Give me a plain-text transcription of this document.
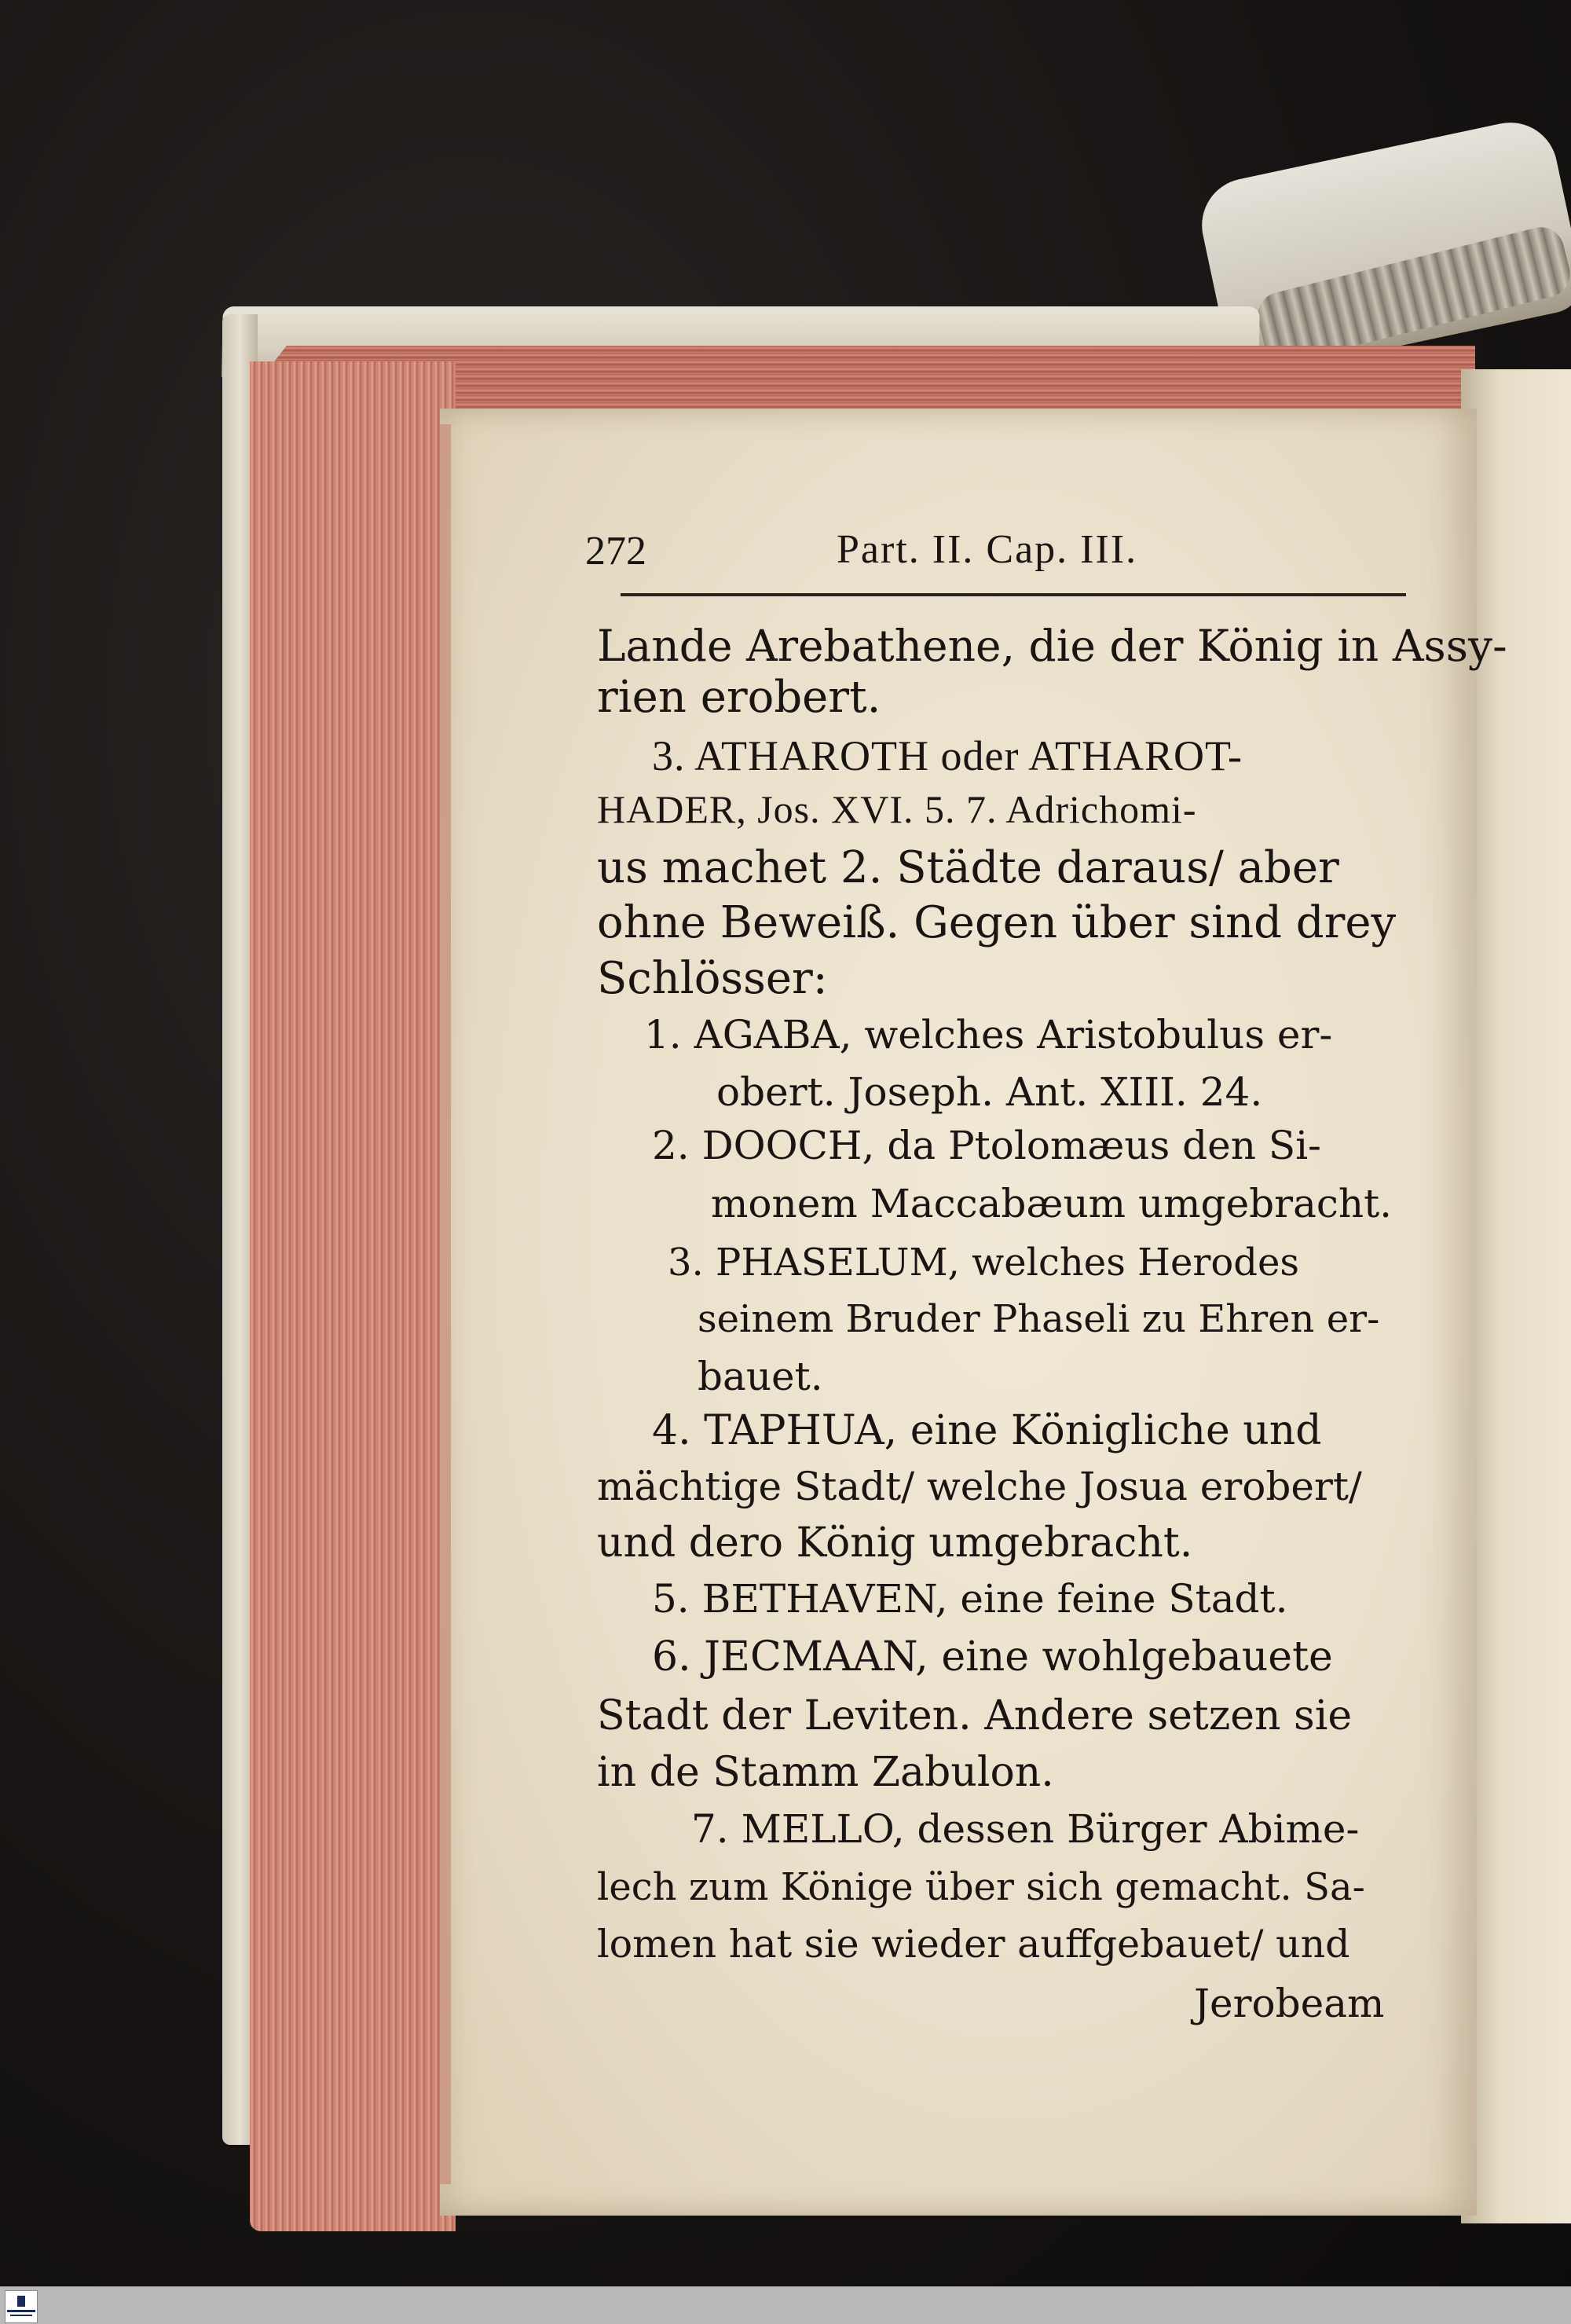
272	Part. II. Cap. III.
Lande Arebathene, die der König in Assy-
rien erobert.
3. ATHAROTH oder ATHAROT-
HADER, Jos. XVI. 5. 7. Adrichomi-
us machet 2. Städte daraus/ aber
ohne Beweiß. Gegen über sind drey
Schlösser:
1. AGABA, welches Aristobulus er-
obert. Joseph. Ant. XIII. 24.
2. DOOCH, da Ptolomæus den Si-
monem Maccabæum umgebracht.
3. PHASELUM, welches Herodes
seinem Bruder Phaseli zu Ehren er-
bauet.
4. TAPHUA, eine Königliche und
mächtige Stadt/ welche Josua erobert/
und dero König umgebracht.
5. BETHAVEN, eine feine Stadt.
6. JECMAAN, eine wohlgebauete
Stadt der Leviten. Andere setzen sie
in de Stamm Zabulon.
7. MELLO, dessen Bürger Abime-
lech zum Könige über sich gemacht. Sa-
lomen hat sie wieder auffgebauet/ und
Jerobeam
